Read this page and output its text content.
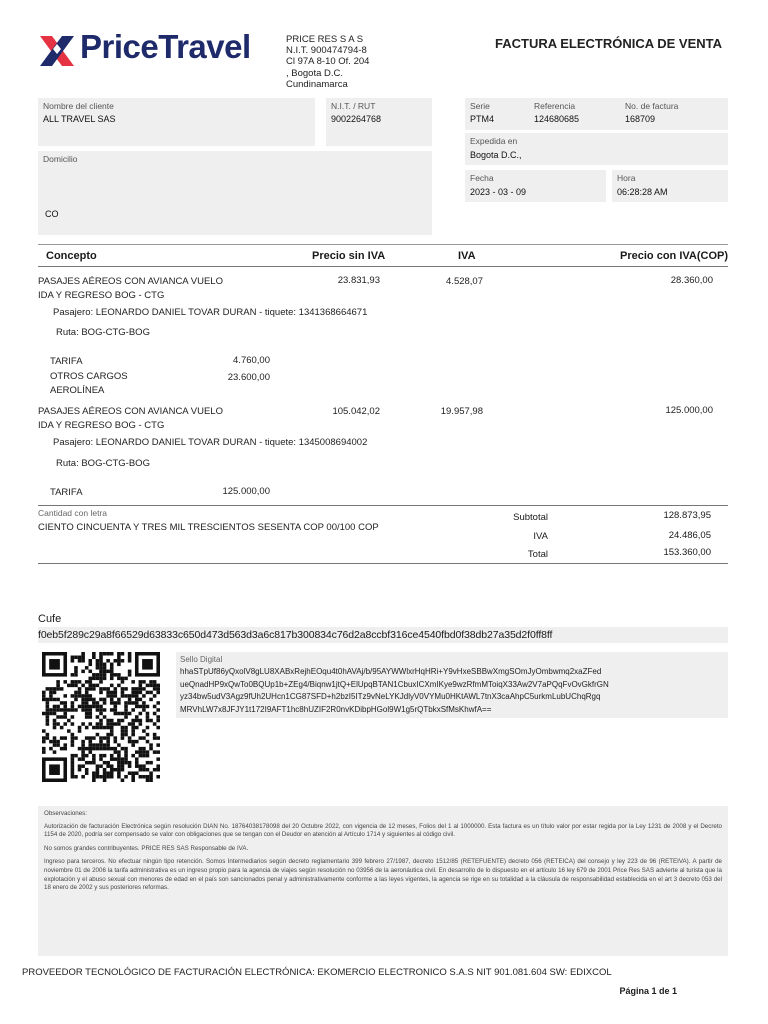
PriceTravel	PRICE RES S A S
N.I.T. 900474794-8
Cl 97A 8-10 Of. 204
, Bogota D.C.
Cundinamarca
FACTURA ELECTRÓNICA DE VENTA
Nombre del cliente
ALL TRAVEL SAS
N.I.T. / RUT
9002264768
Domicilio
CO
Serie
PTM4
Referencia
124680685
No. de factura
168709
Expedida en
Bogota D.C.,
Fecha
2023 - 03 - 09
Hora
06:28:28 AM
Concepto	Precio sin IVA	IVA	Precio con IVA(COP)
PASAJES AÉREOS CON AVIANCA VUELO
IDA Y REGRESO BOG - CTG
23.831,93	4.528,07	28.360,00
Pasajero: LEONARDO DANIEL TOVAR DURAN - tiquete: 1341368664671
Ruta: BOG-CTG-BOG
TARIFA	4.760,00
OTROS CARGOS AEROLÍNEA
23.600,00
PASAJES AÉREOS CON AVIANCA VUELO
IDA Y REGRESO BOG - CTG
105.042,02	19.957,98	125.000,00
Pasajero: LEONARDO DANIEL TOVAR DURAN - tiquete: 1345008694002
Ruta: BOG-CTG-BOG
TARIFA	125.000,00
Cantidad con letra
CIENTO CINCUENTA Y TRES MIL TRESCIENTOS SESENTA COP 00/100 COP
Subtotal	128.873,95
IVA	24.486,05
Total	153.360,00
Cufe
f0eb5f289c29a8f66529d63833c650d473d563d3a6c817b300834c76d2a8ccbf316ce4540fbd0f38db27a35d2f0ff8ff
Sello Digital
hhaSTpUf86yQxolV8gLU8XABxRejhEOqu4t0hAVAj/b/95AYWWlxrHqHRi+Y9vHxeSBBwXmgSOmJyOmbwmq2xaZFed
ueQnadHP9xQwTo0BQUp1b+ZEg4/Biqnw1jtQ+ElUpqBTAN1CbuxICXmIKye9wzRfmMToiqX33Aw2V7aPQqFvOvGkfrGN
yz34bw5udV3Agz9fUh2UHcn1CG87SFD+h2bzI5ITz9vNeLYKJdlyV0VYMu0HKtAWL7tnX3caAhpC5urkmLubUChqRgq
MRVhLW7x8JFJY1t172I9AFT1hc8hUZIF2R0nvKDibpHGol9W1g5rQTbkxSfMsKhwfA==

Observaciones:

Autorización de facturación Electrónica según resolución DIAN No. 18764038178098 del 20 Octubre 2022, con vigencia de 12 meses, Folios del 1 al 1000000. Esta factura es un título valor por estar regida por la Ley 1231 de 2008 y el Decreto 1154 de 2020, podría ser compensado se valor con obligaciones que se tengan con el Deudor en atención al Artículo 1714 y siguientes al código civil.

No somos grandes contribuyentes. PRICE RES SAS Responsable de IVA.

Ingreso para terceros. No efectuar ningún tipo retención. Somos Intermediarios según decreto reglamentario 399 febrero 27/1987, decreto 1512/85 (RETEFUENTE) decreto 056 (RETEICA) del consejo y ley 223 de 96 (RETEIVA). A partir de noviembre 01 de 2006 la tarifa administrativa es un ingreso propio para la agencia de viajes según resolución no 03956 de la aeronáutica civil. En desarrollo de lo dispuesto en el artículo 16 ley 679 de 2001 Price Res SAS advierte al turista que la explotación y el abuso sexual con menores de edad en el país son sancionados penal y administrativamente conforme a las leyes vigentes, la agencia se rige en su totalidad a la cláusula de responsabilidad establecida en el art 3 decreto 053 del 18 enero de 2002 y sus posteriores reformas.

PROVEEDOR TECNOLÓGICO DE FACTURACIÓN ELECTRÓNICA: EKOMERCIO ELECTRONICO S.A.S NIT 901.081.604 SW: EDIXCOL
Página 1 de 1
